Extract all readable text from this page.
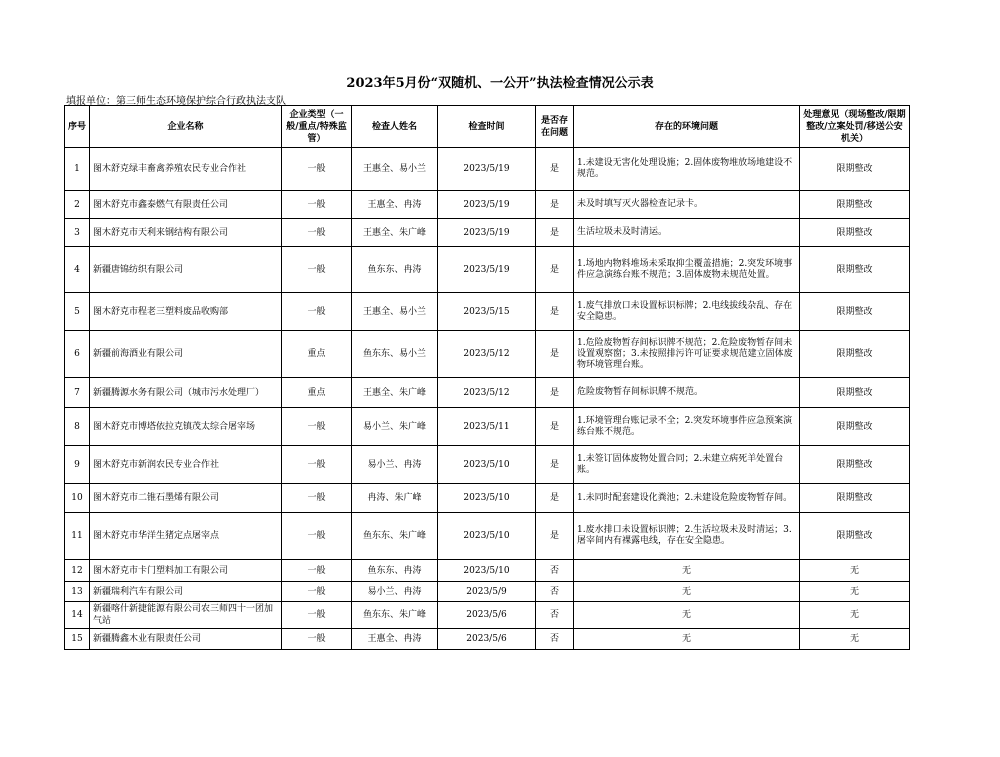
2023年5月份“双随机、一公开”执法检查情况公示表
填报单位：第三师生态环境保护综合行政执法支队
序号	企业名称	企业类型（一般/重点/特殊监管）	检查人姓名	检查时间	是否存在问题	存在的环境问题	处理意见（现场整改/限期整改/立案处罚/移送公安机关）
1	图木舒克绿丰畜禽养殖农民专业合作社	一般	王惠全、易小兰	2023/5/19	是	1.未建设无害化处理设施；2.固体废物堆放场地建设不规范。	限期整改
2	图木舒克市鑫泰燃气有限责任公司	一般	王惠全、冉涛	2023/5/19	是	未及时填写灭火器检查记录卡。	限期整改
3	图木舒克市天利来钢结构有限公司	一般	王惠全、朱广峰	2023/5/19	是	生活垃圾未及时清运。	限期整改
4	新疆唐锦纺织有限公司	一般	鱼东东、冉涛	2023/5/19	是	1.场地内物料堆场未采取抑尘覆盖措施；2.突发环境事件应急演练台账不规范；3.固体废物未规范处置。	限期整改
5	图木舒克市程老三塑料废品收购部	一般	王惠全、易小兰	2023/5/15	是	1.废气排放口未设置标识标牌；2.电线拔线杂乱、存在安全隐患。	限期整改
6	新疆前海酒业有限公司	重点	鱼东东、易小兰	2023/5/12	是	1.危险废物暂存间标识牌不规范；2.危险废物暂存间未设置观察窗；3.未按照排污许可证要求规范建立固体废物环境管理台账。	限期整改
7	新疆腾源水务有限公司（城市污水处理厂）	重点	王惠全、朱广峰	2023/5/12	是	危险废物暂存间标识牌不规范。	限期整改
8	图木舒克市博塔依拉克镇茂太综合屠宰场	一般	易小兰、朱广峰	2023/5/11	是	1.环境管理台账记录不全；2.突发环境事件应急预案演练台账不规范。	限期整改
9	图木舒克市新润农民专业合作社	一般	易小兰、冉涛	2023/5/10	是	1.未签订固体废物处置合同；2.未建立病死羊处置台账。	限期整改
10	图木舒克市二锥石墨烯有限公司	一般	冉涛、朱广峰	2023/5/10	是	1.未同时配套建设化粪池；2.未建设危险废物暂存间。	限期整改
11	图木舒克市华洋生猪定点屠宰点	一般	鱼东东、朱广峰	2023/5/10	是	1.废水排口未设置标识牌；2.生活垃圾未及时清运；3.屠宰间内有裸露电线，存在安全隐患。	限期整改
12	图木舒克市卡门塑料加工有限公司	一般	鱼东东、冉涛	2023/5/10	否	无	无
13	新疆瑞利汽车有限公司	一般	易小兰、冉涛	2023/5/9	否	无	无
14	新疆喀什新捷能源有限公司农三师四十一团加气站	一般	鱼东东、朱广峰	2023/5/6	否	无	无
15	新疆腾鑫木业有限责任公司	一般	王惠全、冉涛	2023/5/6	否	无	无
